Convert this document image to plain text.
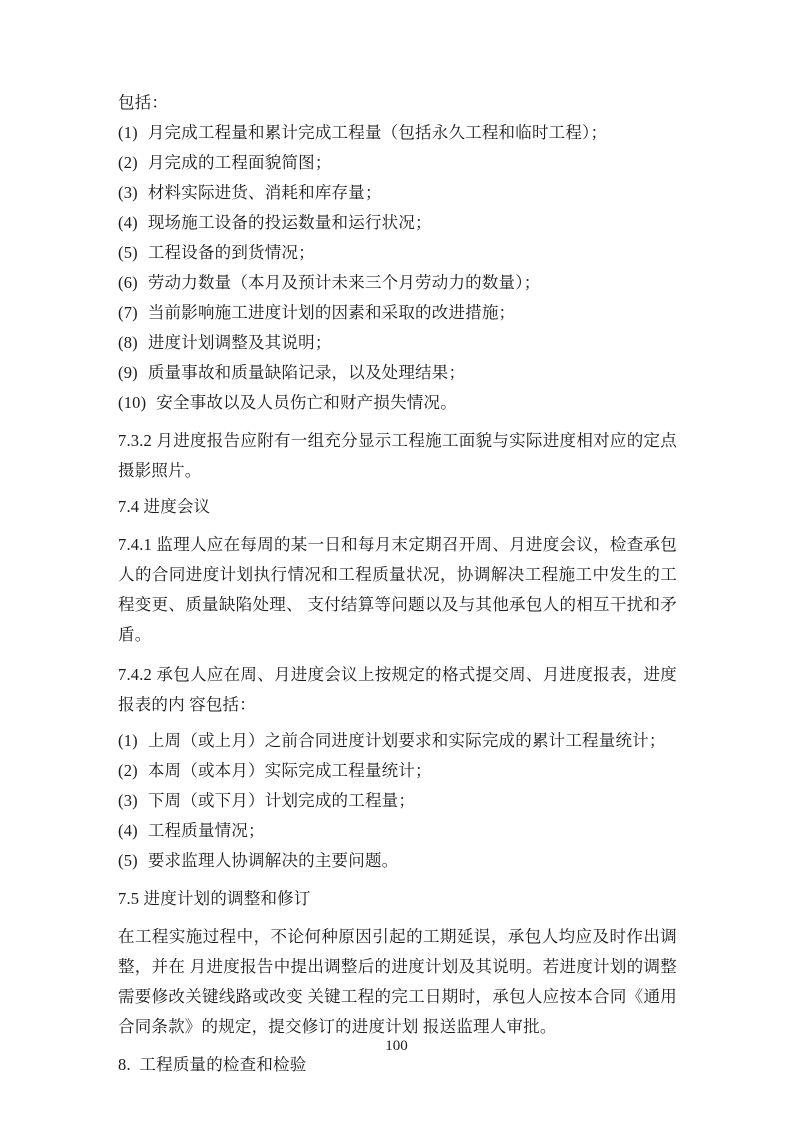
包括：

(1) 月完成工程量和累计完成工程量（包括永久工程和临时工程）；

(2) 月完成的工程面貌简图；

(3) 材料实际进货、消耗和库存量；

(4) 现场施工设备的投运数量和运行状况；

(5) 工程设备的到货情况；

(6) 劳动力数量（本月及预计未来三个月劳动力的数量）；

(7) 当前影响施工进度计划的因素和采取的改进措施；

(8) 进度计划调整及其说明；

(9) 质量事故和质量缺陷记录，以及处理结果；

(10) 安全事故以及人员伤亡和财产损失情况。

7.3.2 月进度报告应附有一组充分显示工程施工面貌与实际进度相对应的定点摄影照片。

7.4 进度会议

7.4.1 监理人应在每周的某一日和每月末定期召开周、月进度会议，检查承包人的合同进度计划执行情况和工程质量状况，协调解决工程施工中发生的工程变更、质量缺陷处理、 支付结算等问题以及与其他承包人的相互干扰和矛盾。

7.4.2 承包人应在周、月进度会议上按规定的格式提交周、月进度报表，进度报表的内 容包括：

(1) 上周（或上月）之前合同进度计划要求和实际完成的累计工程量统计；

(2) 本周（或本月）实际完成工程量统计；

(3) 下周（或下月）计划完成的工程量；

(4) 工程质量情况；

(5) 要求监理人协调解决的主要问题。

7.5 进度计划的调整和修订

在工程实施过程中，不论何种原因引起的工期延误，承包人均应及时作出调整，并在 月进度报告中提出调整后的进度计划及其说明。若进度计划的调整需要修改关键线路或改变 关键工程的完工日期时，承包人应按本合同《通用合同条款》的规定，提交修订的进度计划 报送监理人审批。

8.  工程质量的检查和检验

100
